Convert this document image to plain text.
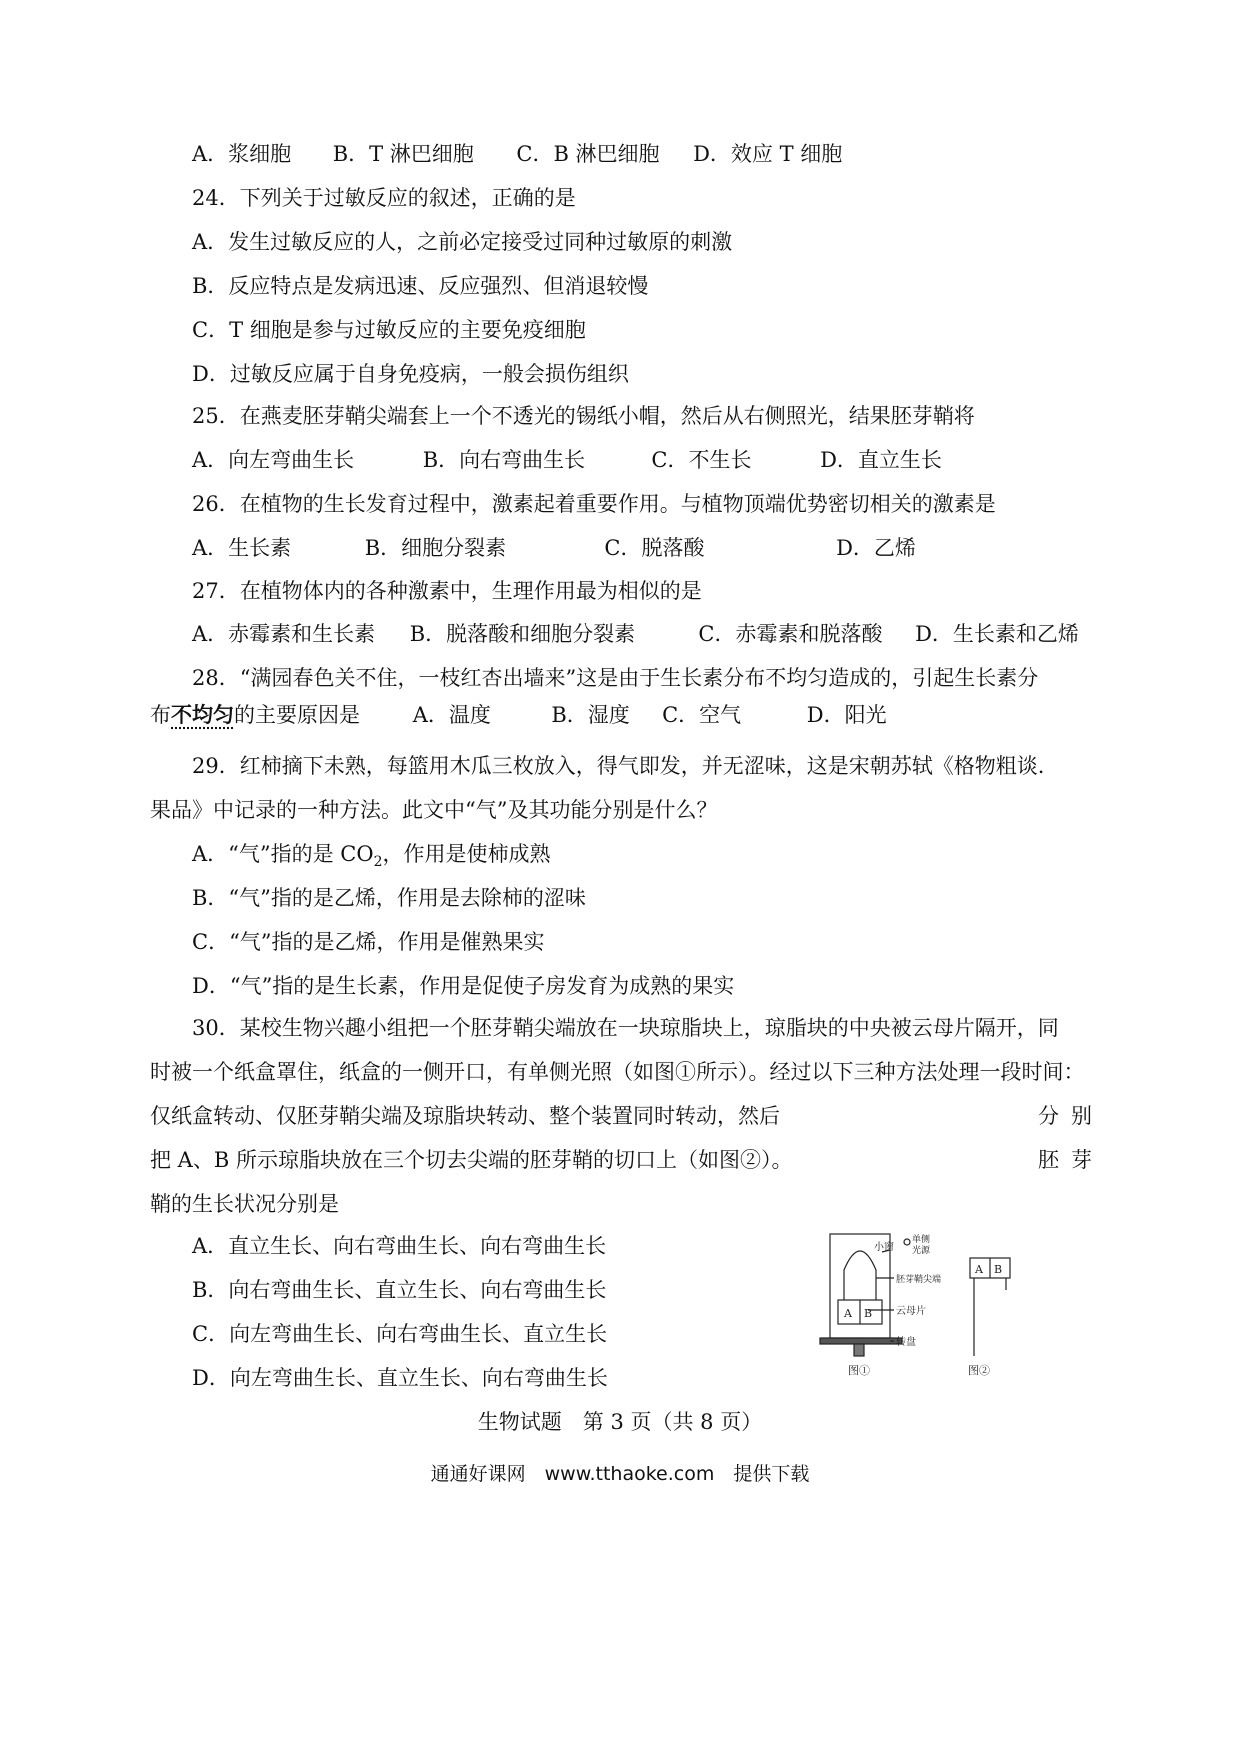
A．浆细胞 B．T 淋巴细胞 C．B 淋巴细胞 D．效应 T 细胞
24．下列关于过敏反应的叙述，正确的是
A．发生过敏反应的人，之前必定接受过同种过敏原的刺激
B．反应特点是发病迅速、反应强烈、但消退较慢
C．T 细胞是参与过敏反应的主要免疫细胞
D．过敏反应属于自身免疫病，一般会损伤组织
25．在燕麦胚芽鞘尖端套上一个不透光的锡纸小帽，然后从右侧照光，结果胚芽鞘将
A．向左弯曲生长	B．向右弯曲生长	C．不生长	D．直立生长
26．在植物的生长发育过程中，激素起着重要作用。与植物顶端优势密切相关的激素是
A．生长素	B．细胞分裂素	C．脱落酸	D．乙烯
27．在植物体内的各种激素中，生理作用最为相似的是
A．赤霉素和生长素 B．脱落酸和细胞分裂素	C．赤霉素和脱落酸 D．生长素和乙烯
28．“满园春色关不住，一枝红杏出墙来”这是由于生长素分布不均匀造成的，引起生长素分
布不均匀的主要原因是	A．温度	B．湿度 C．空气	D．阳光
29．红柿摘下未熟，每篮用木瓜三枚放入，得气即发，并无涩味，这是宋朝苏轼《格物粗谈.
果品》中记录的一种方法。此文中“气”及其功能分别是什么？
A．“气”指的是 $CO_2$，作用是使柿成熟
B．“气”指的是乙烯，作用是去除柿的涩味
C．“气”指的是乙烯，作用是催熟果实
D．“气”指的是生长素，作用是促使子房发育为成熟的果实
30．某校生物兴趣小组把一个胚芽鞘尖端放在一块琼脂块上，琼脂块的中央被云母片隔开，同
时被一个纸盒罩住，纸盒的一侧开口，有单侧光照（如图①所示）。经过以下三种方法处理一段时间：
仅纸盒转动、仅胚芽鞘尖端及琼脂块转动、整个装置同时转动，然后	分别
把 A、B 所示琼脂块放在三个切去尖端的胚芽鞘的切口上（如图②）。	胚芽
鞘的生长状况分别是
小窗
单侧
光源
胚芽鞘尖端
云母片
转盘
A B
A B
图①	图②
A．直立生长、向右弯曲生长、向右弯曲生长
B．向右弯曲生长、直立生长、向右弯曲生长
C．向左弯曲生长、向右弯曲生长、直立生长
D．向左弯曲生长、直立生长、向右弯曲生长
生物试题　第 3 页（共 8 页）
通通好课网　www.tthaoke.com　提供下载
